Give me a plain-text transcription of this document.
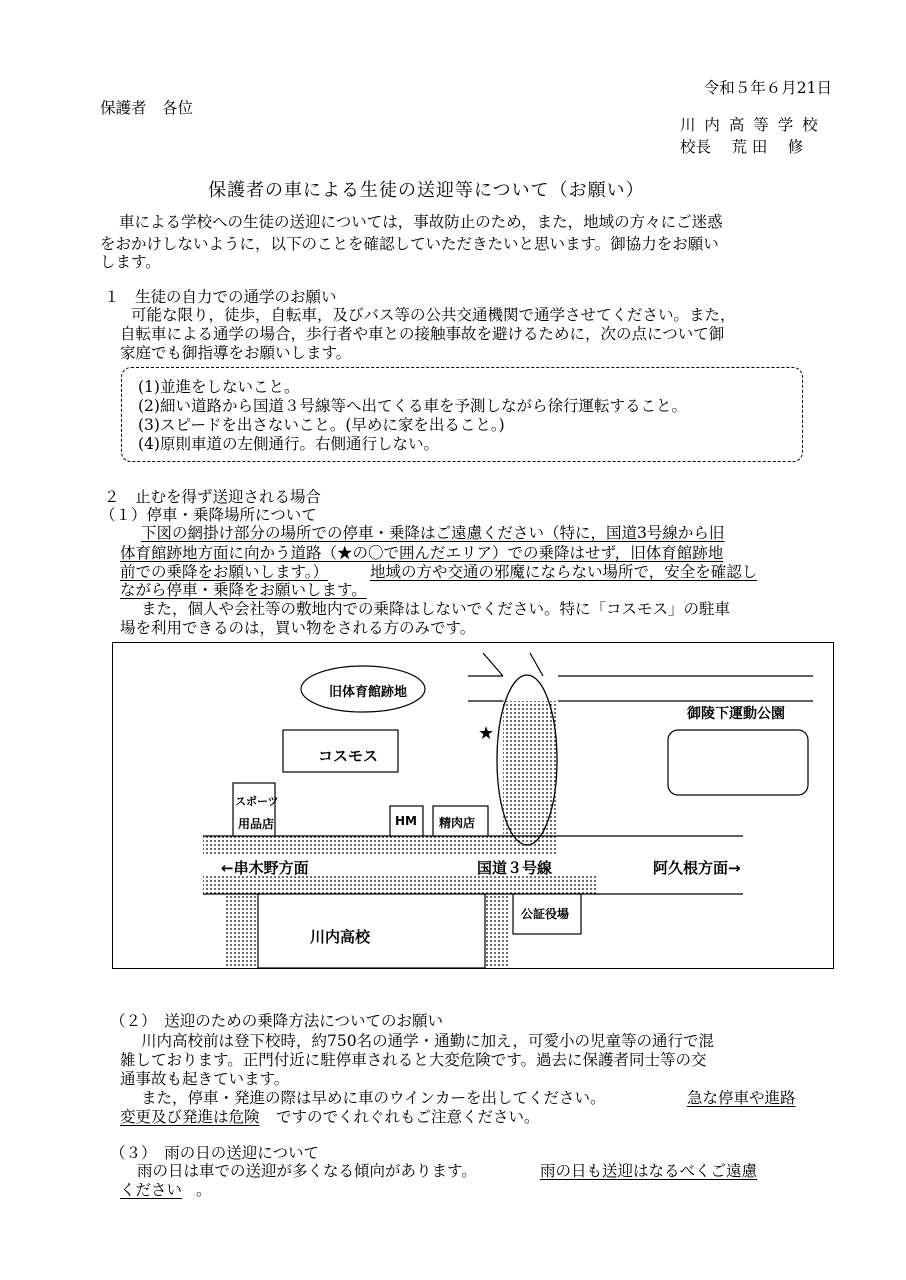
令和５年６月21日
保護者　各位
川 内 高 等 学 校
校長　 荒 田 　修
保護者の車による生徒の送迎等について（お願い）
車による学校への生徒の送迎については，事故防止のため，また，地域の方々にご迷惑
をおかけしないように，以下のことを確認していただきたいと思います。御協力をお願い
します。
１　生徒の自力での通学のお願い
可能な限り，徒歩，自転車，及びバス等の公共交通機関で通学させてください。また，
自転車による通学の場合，歩行者や車との接触事故を避けるために，次の点について御
家庭でも御指導をお願いします。
(1)並進をしないこと。
(2)細い道路から国道３号線等へ出てくる車を予測しながら徐行運転すること。
(3)スピードを出さないこと。(早めに家を出ること。)
(4)原則車道の左側通行。右側通行しない。
２　止むを得ず送迎される場合
（１）停車・乗降場所について
下図の網掛け部分の場所での停車・乗降はご遠慮ください（特に，国道3号線から旧
体育館跡地方面に向かう道路（★の〇で囲んだエリア）での乗降はせず，旧体育館跡地
前での乗降をお願いします。）	地域の方や交通の邪魔にならない場所で，安全を確認し
ながら停車・乗降をお願いします。
また，個人や会社等の敷地内での乗降はしないでください。特に「コスモス」の駐車
場を利用できるのは，買い物をされる方のみです。
旧体育館跡地
御陵下運動公園
コスモス
★
スポーツ
用品店	HM 精肉店
←串木野方面	国道３号線	阿久根方面→
公証役場
川内高校
（２）　送迎のための乗降方法についてのお願い
川内高校前は登下校時，約750名の通学・通勤に加え，可愛小の児童等の通行で混
雑しております。正門付近に駐停車されると大変危険です。過去に保護者同士等の交
通事故も起きています。
また，停車・発進の際は早めに車のウインカーを出してください。	急な停車や進路
変更及び発進は危険 ですのでくれぐれもご注意ください。
（３）　雨の日の送迎について
雨の日は車での送迎が多くなる傾向があります。	雨の日も送迎はなるべくご遠慮
ください 。
